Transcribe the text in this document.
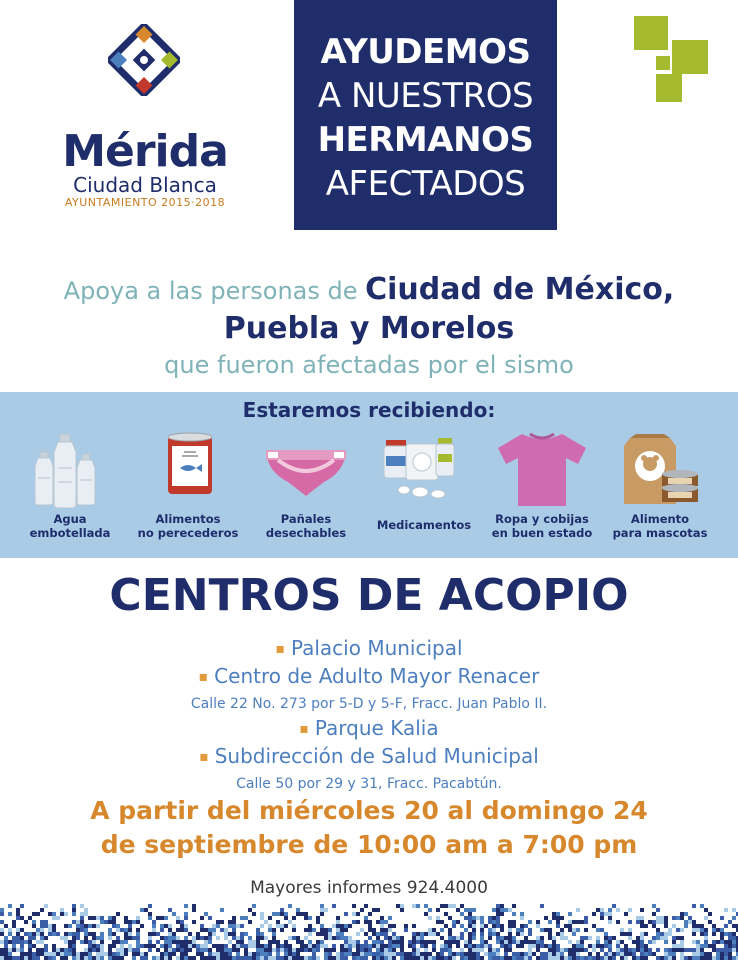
Mérida
Ciudad Blanca
AYUNTAMIENTO 2015·2018
AYUDEMOS
A NUESTROS
HERMANOS
AFECTADOS
Apoya a las personas de Ciudad de México,
Puebla y Morelos
que fueron afectadas por el sismo
Estaremos recibiendo:
Agua
embotellada
Alimentos
no perecederos
Pañales
desechables
Medicamentos	Ropa y cobijas
en buen estado
Alimento
para mascotas
CENTROS DE ACOPIO
▪ Palacio Municipal
▪ Centro de Adulto Mayor Renacer
Calle 22 No. 273 por 5-D y 5-F, Fracc. Juan Pablo II.
▪ Parque Kalia
▪ Subdirección de Salud Municipal
Calle 50 por 29 y 31, Fracc. Pacabtún.
A partir del miércoles 20 al domingo 24
de septiembre de 10:00 am a 7:00 pm
Mayores informes 924.4000
